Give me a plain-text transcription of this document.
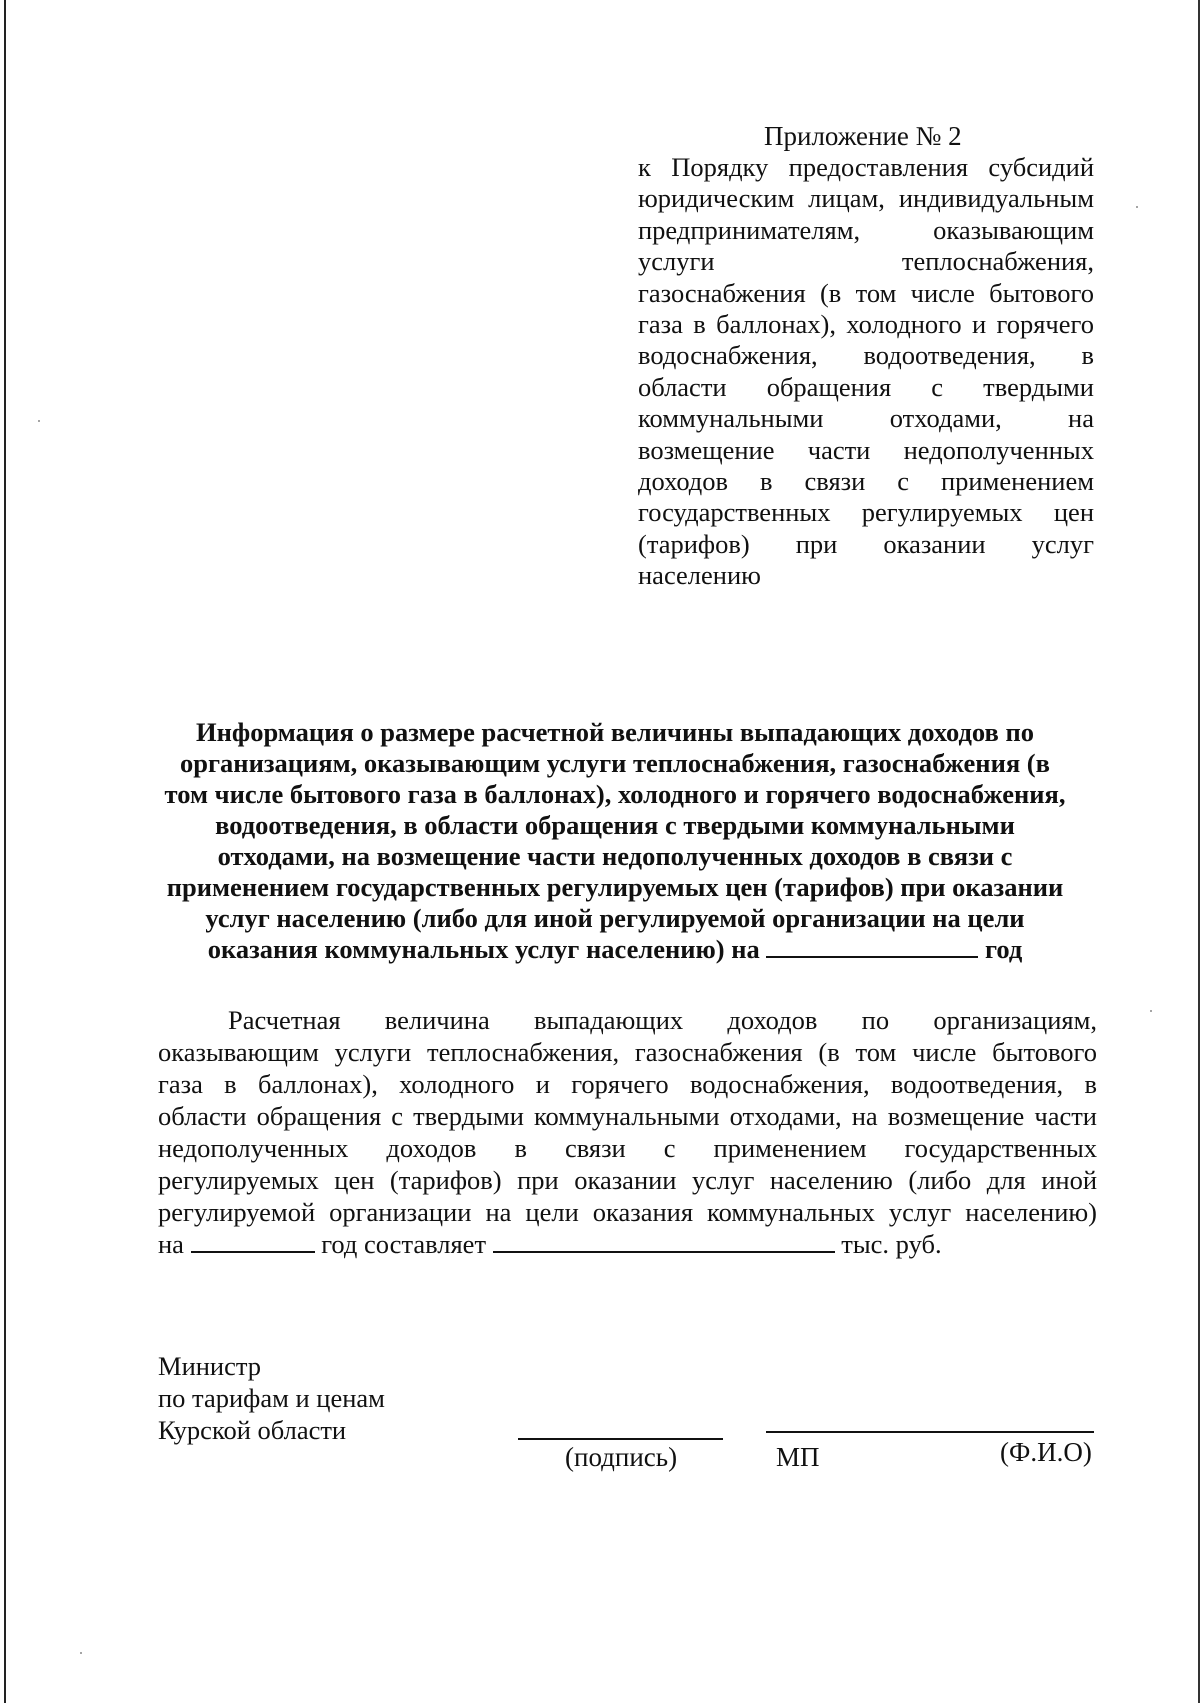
Приложение № 2
к Порядку предоставления субсидий
юридическим лицам, индивидуальным
предпринимателям, оказывающим
услуги теплоснабжения,
газоснабжения (в том числе бытового
газа в баллонах), холодного и горячего
водоснабжения, водоотведения, в
области обращения с твердыми
коммунальными отходами, на
возмещение части недополученных
доходов в связи с применением
государственных регулируемых цен
(тарифов) при оказании услуг
населению
Информация о размере расчетной величины выпадающих доходов по
организациям, оказывающим услуги теплоснабжения, газоснабжения (в
том числе бытового газа в баллонах), холодного и горячего водоснабжения,
водоотведения, в области обращения с твердыми коммунальными
отходами, на возмещение части недополученных доходов в связи с
применением государственных регулируемых цен (тарифов) при оказании
услуг населению (либо для иной регулируемой организации на цели
оказания коммунальных услуг населению) на	год
Расчетная величина выпадающих доходов по организациям,
оказывающим услуги теплоснабжения, газоснабжения (в том числе бытового
газа в баллонах), холодного и горячего водоснабжения, водоотведения, в
области обращения с твердыми коммунальными отходами, на возмещение части
недополученных доходов в связи с применением государственных
регулируемых цен (тарифов) при оказании услуг населению (либо для иной
регулируемой организации на цели оказания коммунальных услуг населению)
на	год составляет	тыс. руб.
Министр
по тарифам и ценам
Курской области
(подпись)	МП	(Ф.И.О)
